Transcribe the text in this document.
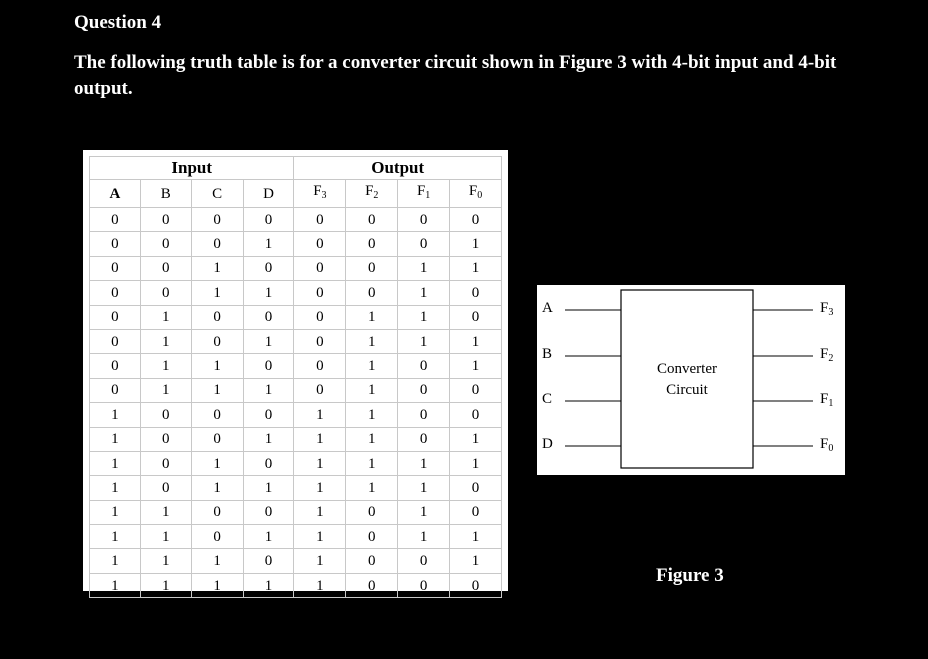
Question 4
The following truth table is for a converter circuit shown in Figure 3 with 4-bit input and 4-bit output.
Input				Output			
A	B	C	D	$F_3$	$F_2$	$F_1$	$F_0$
0	0	0	0	0	0	0	0
0	0	0	1	0	0	0	1
0	0	1	0	0	0	1	1
0	0	1	1	0	0	1	0
0	1	0	0	0	1	1	0
0	1	0	1	0	1	1	1
0	1	1	0	0	1	0	1
0	1	1	1	0	1	0	0
1	0	0	0	1	1	0	0
1	0	0	1	1	1	0	1
1	0	1	0	1	1	1	1
1	0	1	1	1	1	1	0
1	1	0	0	1	0	1	0
1	1	0	1	1	0	1	1
1	1	1	0	1	0	0	1
1	1	1	1	1	0	0	0
A
B
C
D
$F_3$
$F_2$
$F_1$
$F_0$
Converter
Circuit
Figure 3
